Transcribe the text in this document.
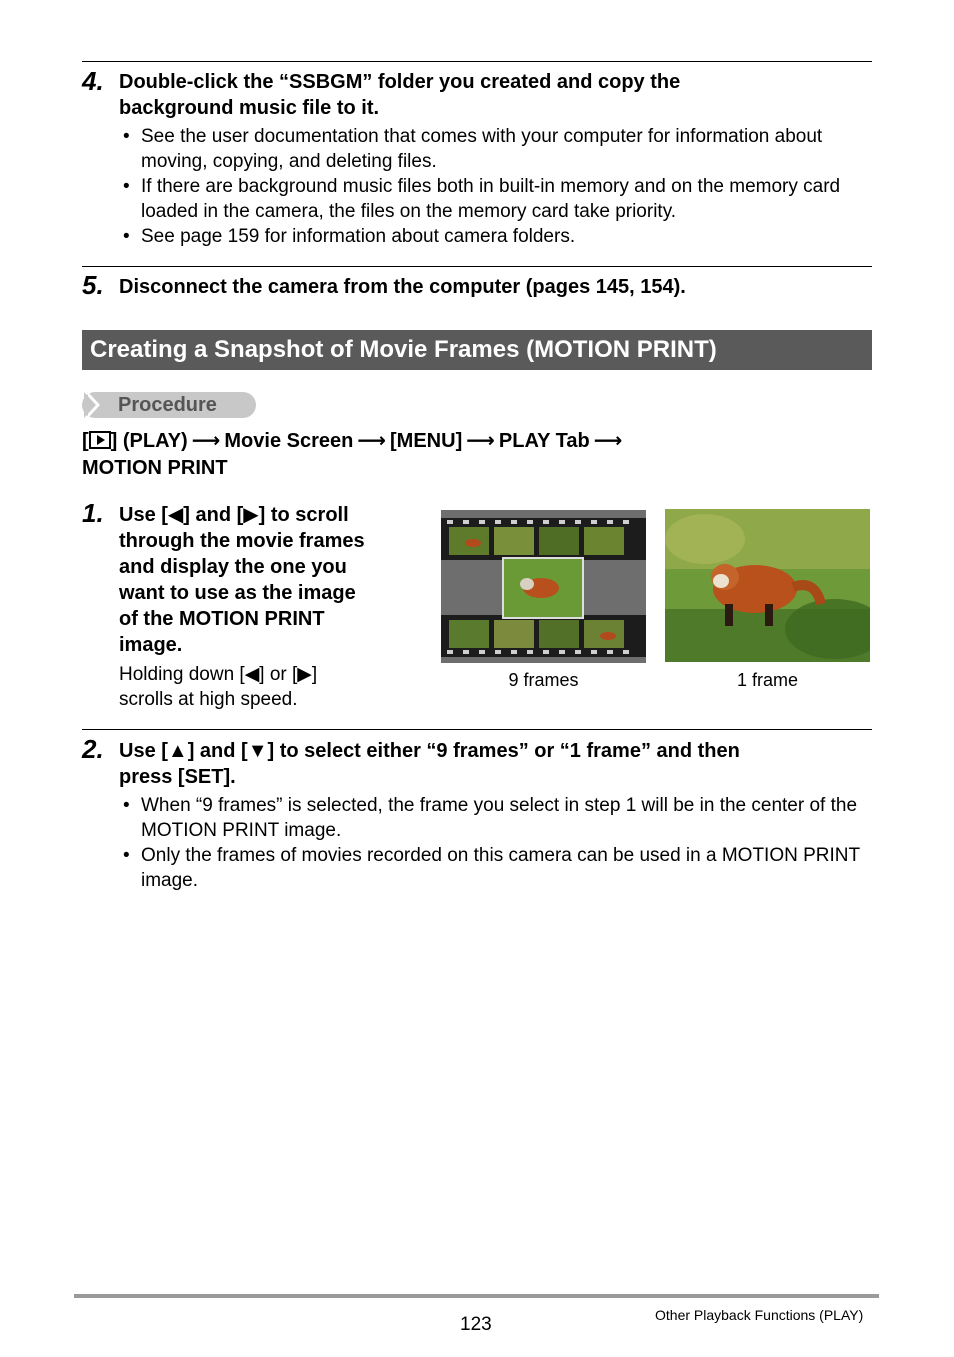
4. Double-click the “SSBGM” folder you created and copy the
background music file to it.
• See the user documentation that comes with your computer for information about moving, copying, and deleting files.
• If there are background music files both in built-in memory and on the memory card loaded in the camera, the files on the memory card take priority.
• See page 159 for information about camera folders.
5. Disconnect the camera from the computer (pages 145, 154).
Creating a Snapshot of Movie Frames (MOTION PRINT)
Procedure
[ ] (PLAY) ⟶ Movie Screen ⟶ [MENU] ⟶ PLAY Tab ⟶
MOTION PRINT
1. Use [◀] and [▶] to scroll
through the movie frames
and display the one you
want to use as the image
of the MOTION PRINT
image.
Holding down [◀] or [▶]
scrolls at high speed.
9 frames	1 frame
2. Use [▲] and [▼] to select either “9 frames” or “1 frame” and then
press [SET].
• When “9 frames” is selected, the frame you select in step 1 will be in the center of the MOTION PRINT image.
• Only the frames of movies recorded on this camera can be used in a MOTION PRINT image.
123	Other Playback Functions (PLAY)
